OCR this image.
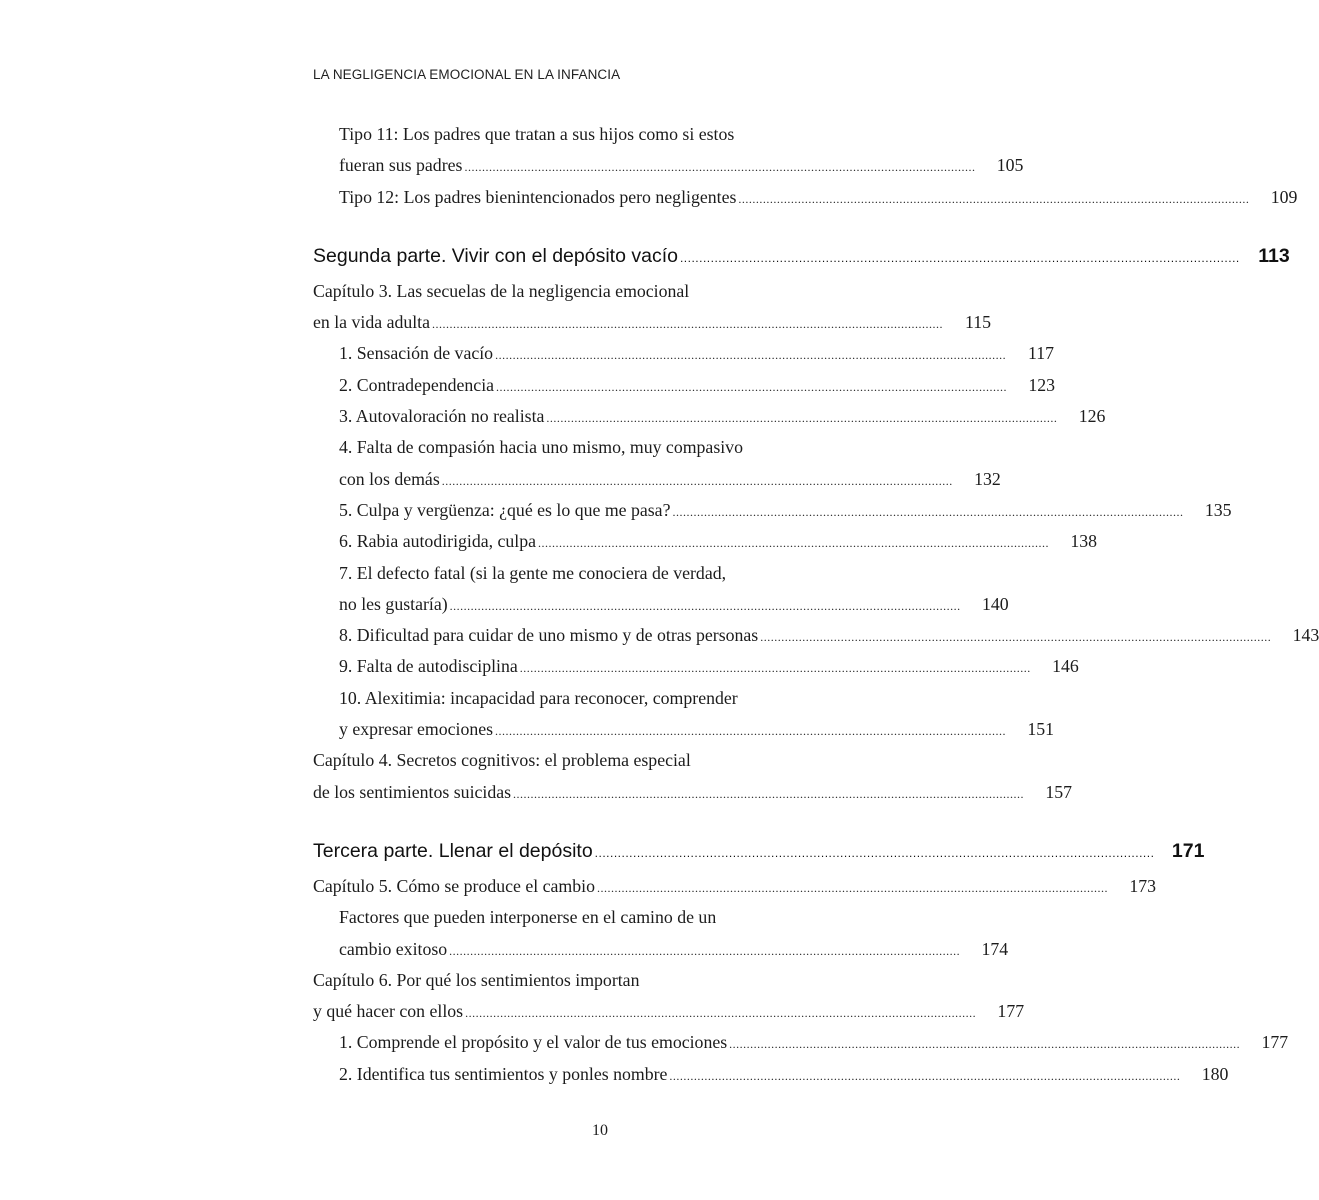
LA NEGLIGENCIA EMOCIONAL EN LA INFANCIA
Tipo 11: Los padres que tratan a sus hijos como si estos
fueran sus padres .................................................................................................................................................. 105
Tipo 12: Los padres bienintencionados pero negligentes .................................................................................................................................................. 109
Segunda parte. Vivir con el depósito vacío .................................................................................................................................................. 113
Capítulo 3. Las secuelas de la negligencia emocional
en la vida adulta ..................................................................................................................................................	115
1. Sensación de vacío ..................................................................................................................................................	117
2. Contradependencia .................................................................................................................................................. 123
3. Autovaloración no realista .................................................................................................................................................. 126
4. Falta de compasión hacia uno mismo, muy compasivo
con los demás .................................................................................................................................................. 132
5. Culpa y vergüenza: ¿qué es lo que me pasa? .................................................................................................................................................. 135
6. Rabia autodirigida, culpa .................................................................................................................................................. 138
7. El defecto fatal (si la gente me conociera de verdad,
no les gustaría) .................................................................................................................................................. 140
8. Dificultad para cuidar de uno mismo y de otras personas .................................................................................................................................................. 143
9. Falta de autodisciplina .................................................................................................................................................. 146
10. Alexitimia: incapacidad para reconocer, comprender
y expresar emociones .................................................................................................................................................. 151
Capítulo 4. Secretos cognitivos: el problema especial
de los sentimientos suicidas .................................................................................................................................................. 157
Tercera parte. Llenar el depósito .................................................................................................................................................. 171
Capítulo 5. Cómo se produce el cambio .................................................................................................................................................. 173
Factores que pueden interponerse en el camino de un
cambio exitoso .................................................................................................................................................. 174
Capítulo 6. Por qué los sentimientos importan
y qué hacer con ellos .................................................................................................................................................. 177
1. Comprende el propósito y el valor de tus emociones .................................................................................................................................................. 177
2. Identifica tus sentimientos y ponles nombre .................................................................................................................................................. 180
10
